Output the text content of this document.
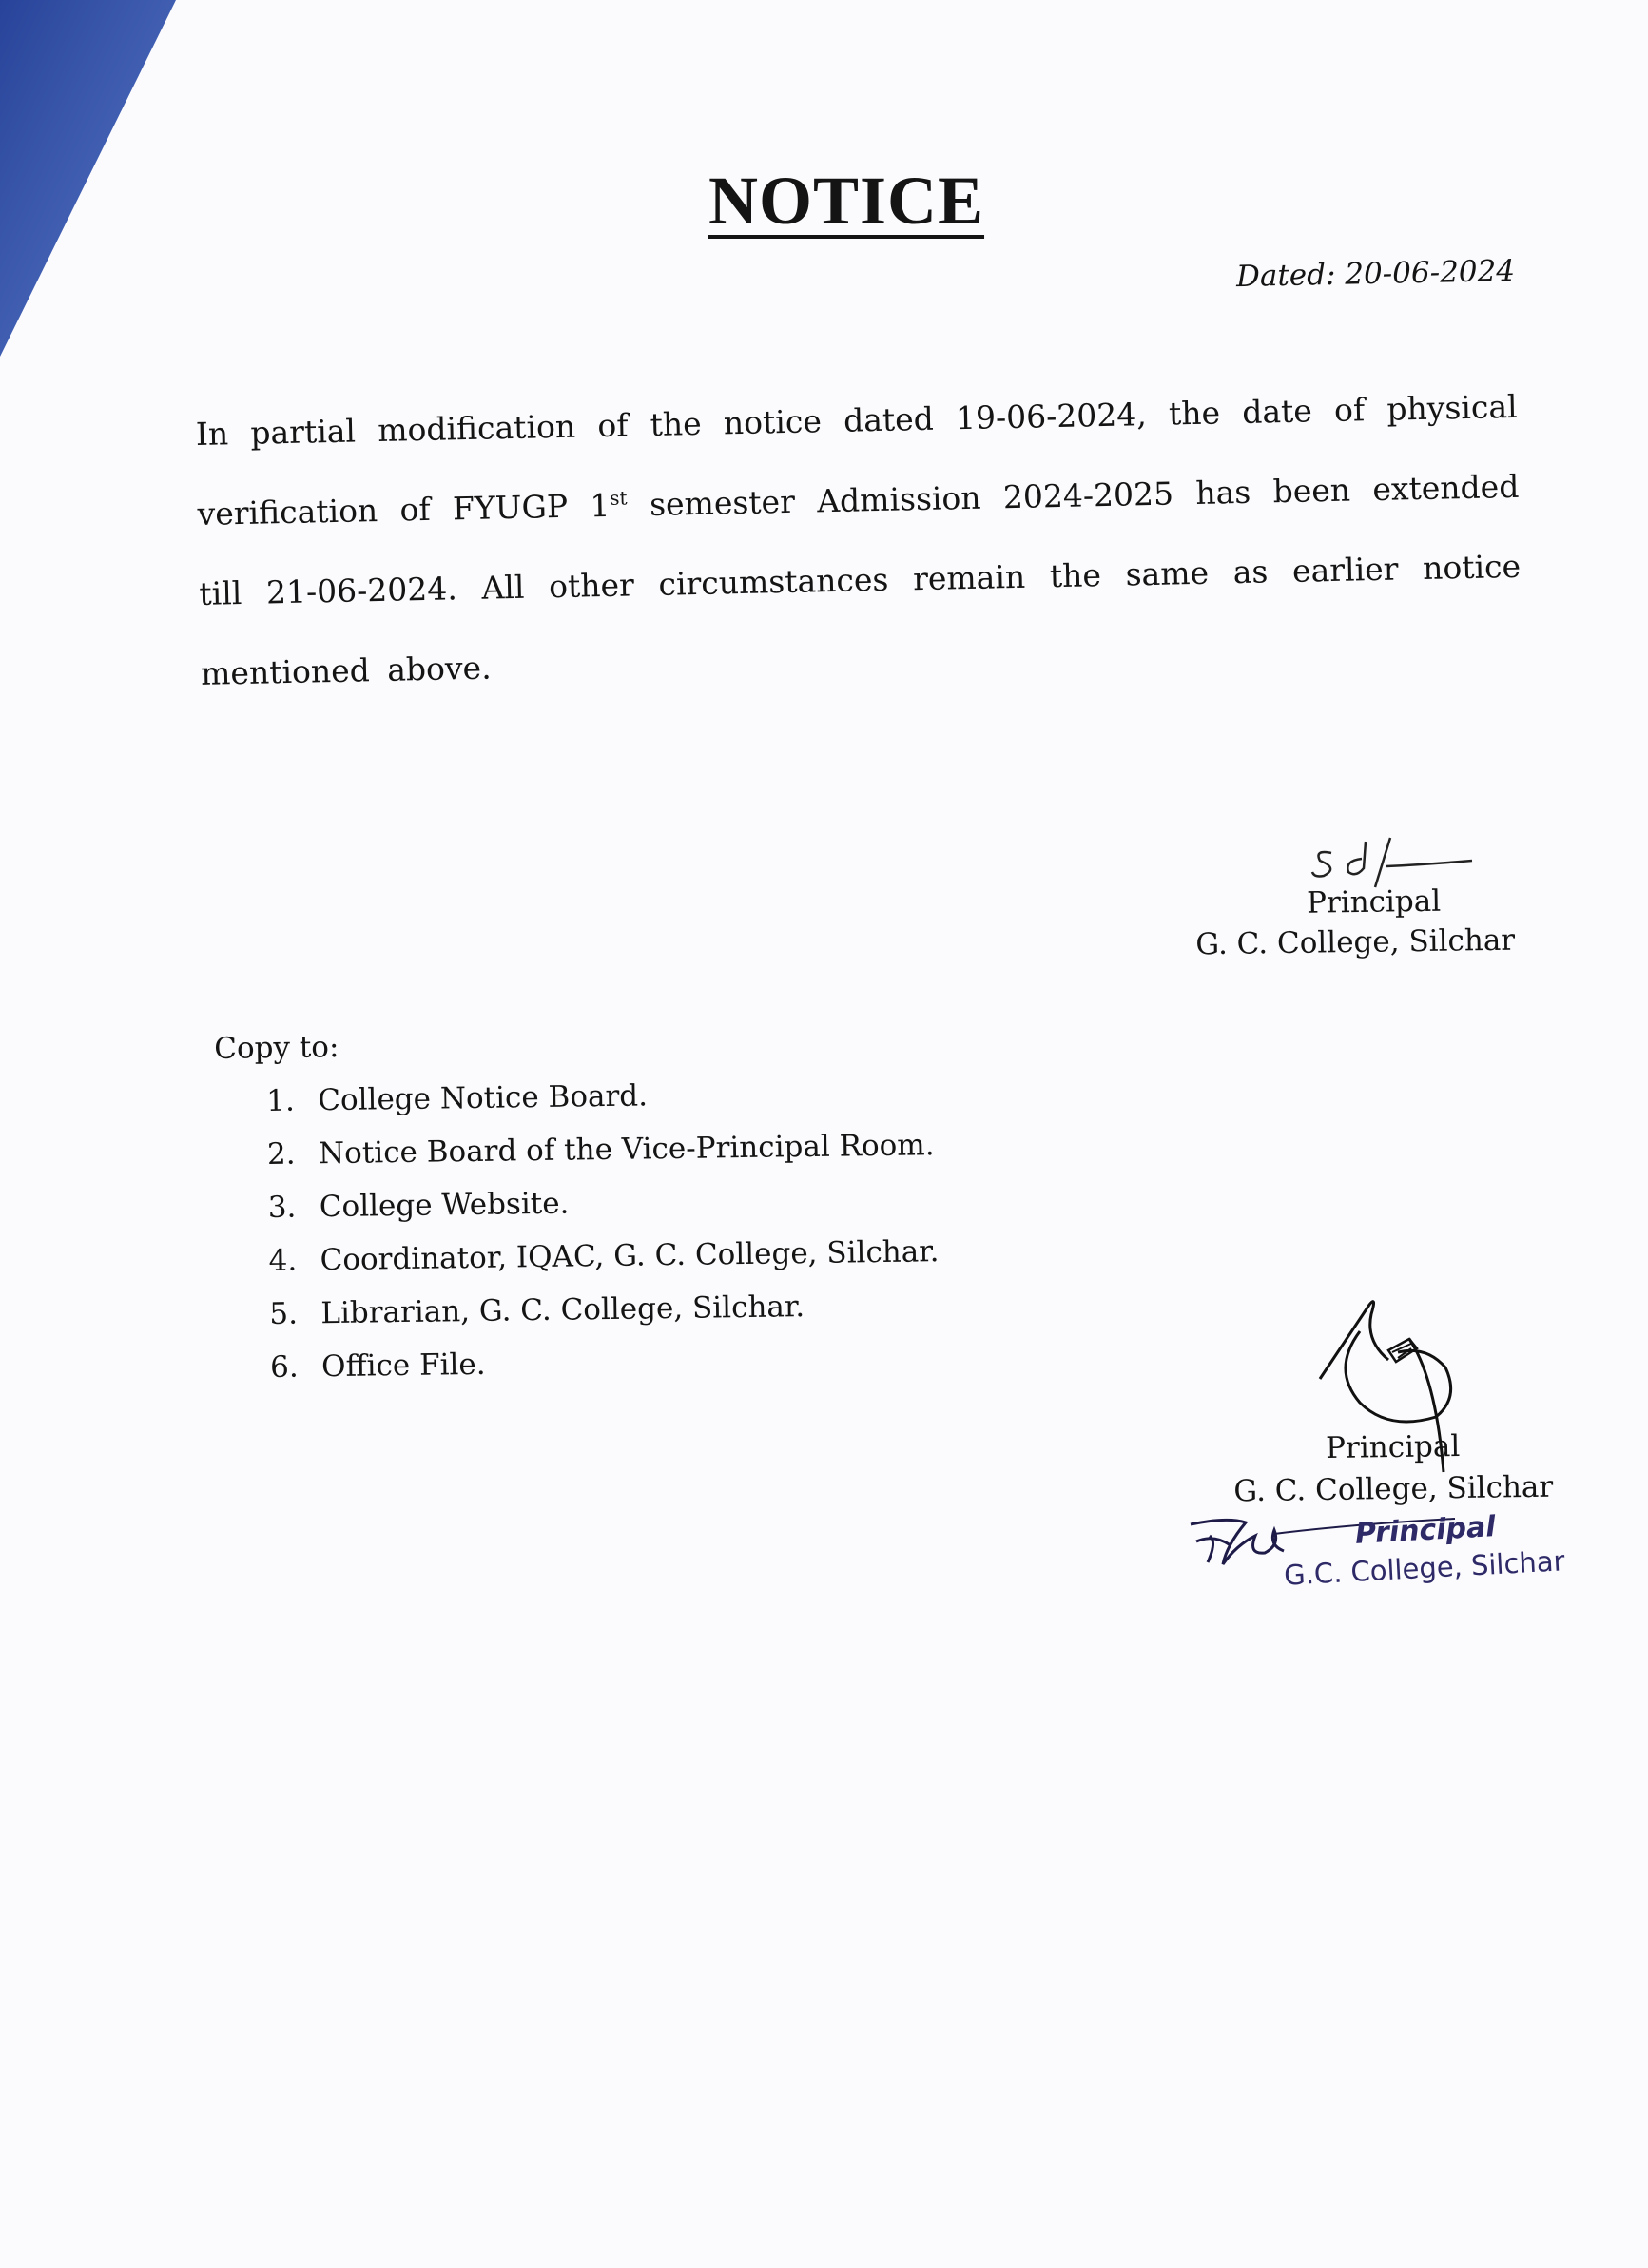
NOTICE
Dated: 20-06-2024

In partial modification of the notice dated 19-06-2024, the date of physical verification of FYUGP 1st semester Admission 2024-2025 has been extended till 21-06-2024. All other circumstances remain the same as earlier notice mentioned above.

Principal
G. C. College, Silchar
Copy to:
1. College Notice Board.
2. Notice Board of the Vice-Principal Room.
3. College Website.
4. Coordinator, IQAC, G. C. College, Silchar.
5. Librarian, G. C. College, Silchar.
6. Office File.
Principal
G. C. College, Silchar
Principal
G.C. College, Silchar
